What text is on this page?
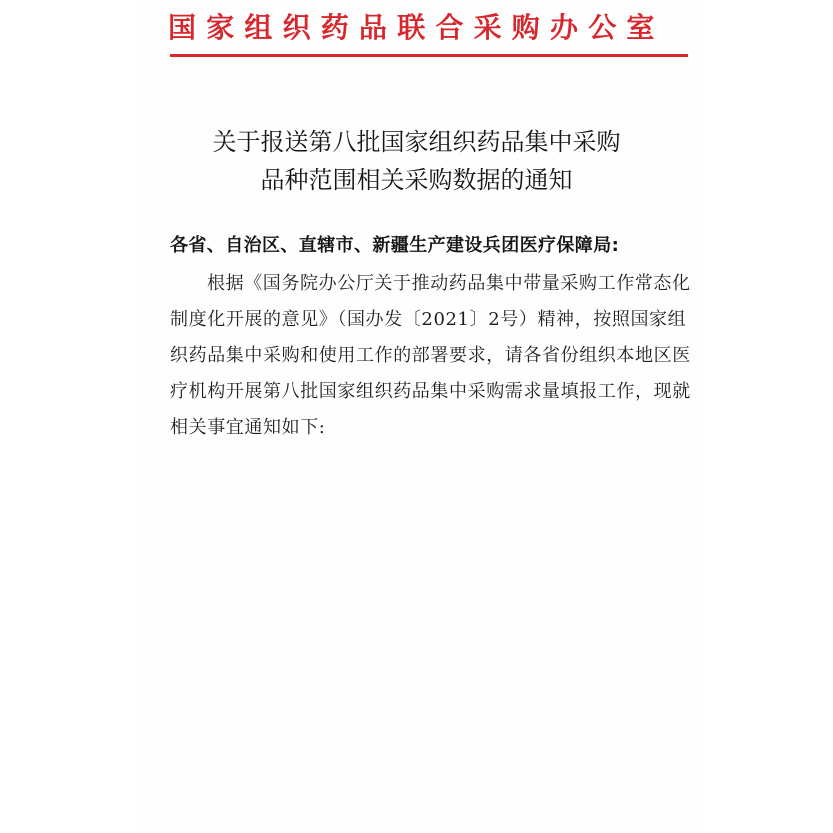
国家组织药品联合采购办公室
关于报送第八批国家组织药品集中采购
品种范围相关采购数据的通知
各省、自治区、直辖市、新疆生产建设兵团医疗保障局:
根据《国务院办公厅关于推动药品集中带量采购工作常态化
制度化开展的意见》（国办发〔2021〕2号）精神，按照国家组
织药品集中采购和使用工作的部署要求，请各省份组织本地区医
疗机构开展第八批国家组织药品集中采购需求量填报工作，现就
相关事宜通知如下:
